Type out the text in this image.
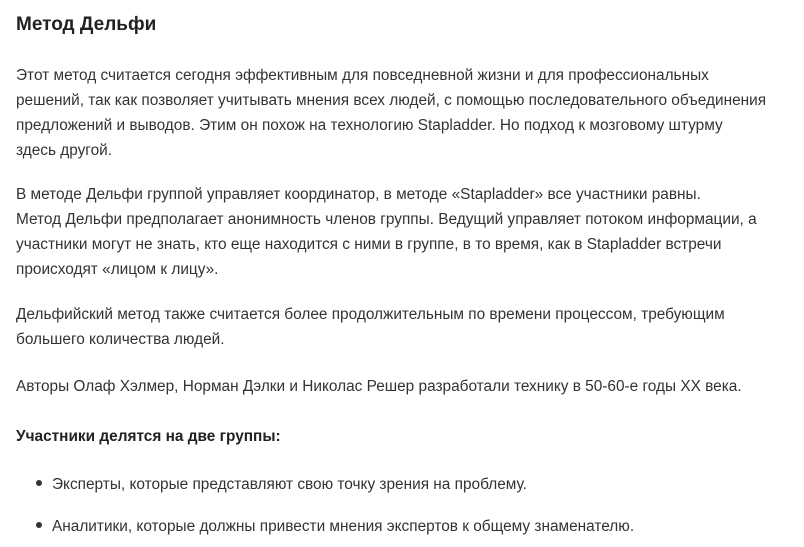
Метод Дельфи

Этот метод считается сегодня эффективным для повседневной жизни и для профессиональных
решений, так как позволяет учитывать мнения всех людей, с помощью последовательного объединения
предложений и выводов. Этим он похож на технологию Stapladder. Но подход к мозговому штурму
здесь другой.

В методе Дельфи группой управляет координатор, в методе «Stapladder» все участники равны.
Метод Дельфи предполагает анонимность членов группы. Ведущий управляет потоком информации, а
участники могут не знать, кто еще находится с ними в группе, в то время, как в Stapladder встречи
происходят «лицом к лицу».

Дельфийский метод также считается более продолжительным по времени процессом, требующим
большего количества людей.

Авторы Олаф Хэлмер, Норман Дэлки и Николас Решер разработали технику в 50-60-е годы XX века.

Участники делятся на две группы:

Эксперты, которые представляют свою точку зрения на проблему.
Аналитики, которые должны привести мнения экспертов к общему знаменателю.
